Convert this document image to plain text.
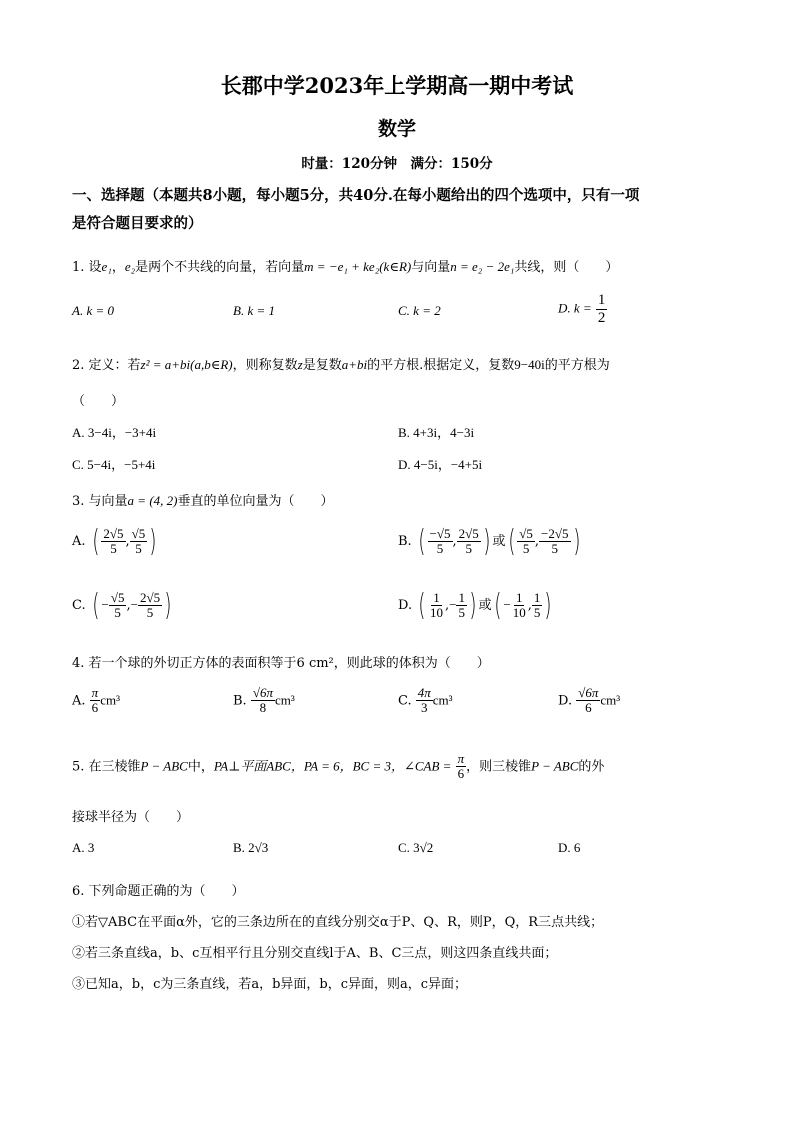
长郡中学2023年上学期高一期中考试
数学
时量：120分钟　满分：150分
一、选择题（本题共8小题，每小题5分，共40分.在每小题给出的四个选项中，只有一项
是符合题目要求的）
1. 设e₁，e₂是两个不共线的向量，若向量m = −e₁ + ke₂(k∈R)与向量n = e₂ − 2e₁共线，则（　　）
A. k = 0	B. k = 1	C. k = 2	D. $k = \frac{1}{2}$
2. 定义：若z² = a+bi(a,b∈R)，则称复数z是复数a+bi的平方根.根据定义，复数9−40i的平方根为
（　　）
A. 3−4i，−3+4i	B. 4+3i，4−3i
C. 5−4i，−5+4i	D. 4−5i，−4+5i
3. 与向量a = (4, 2)垂直的单位向量为（　　）
A. ( $\frac{2√5}{5}$ , $\frac{√5}{5}$ )	B. ( $\frac{-√5}{5}$ , $\frac{2√5}{5}$ ) 或( $\frac{√5}{5}$ , $\frac{-2√5}{5}$ )
C. ( − $\frac{√5}{5}$ ,− $\frac{2√5}{5}$ )	D. ( $\frac{1}{10}$ ,− $\frac{1}{5}$ ) 或( − $\frac{1}{10}$ , $\frac{1}{5}$ )
4. 若一个球的外切正方体的表面积等于6 cm²，则此球的体积为（　　）
A. $\frac{\pi}{6} cm^3$	B. $\frac{√6\pi}{8} cm^3$	C. $\frac{4\pi}{3} cm^3$	D. $\frac{√6\pi}{6} cm^3$
5. 在三棱锥P − ABC中，PA⊥平面ABC，PA = 6，BC = 3，∠CAB = $\frac{\pi}{6}$ ，则三棱锥P − ABC的外
接球半径为（　　）
A. 3	B. 2√3	C. 3√2	D. 6
6. 下列命题正确的为（　　）
①若▽ABC在平面α外，它的三条边所在的直线分别交α于P、Q、R，则P，Q，R三点共线；
②若三条直线a，b、c互相平行且分别交直线l于A、B、C三点，则这四条直线共面；
③已知a，b，c为三条直线，若a，b异面，b，c异面，则a，c异面；
